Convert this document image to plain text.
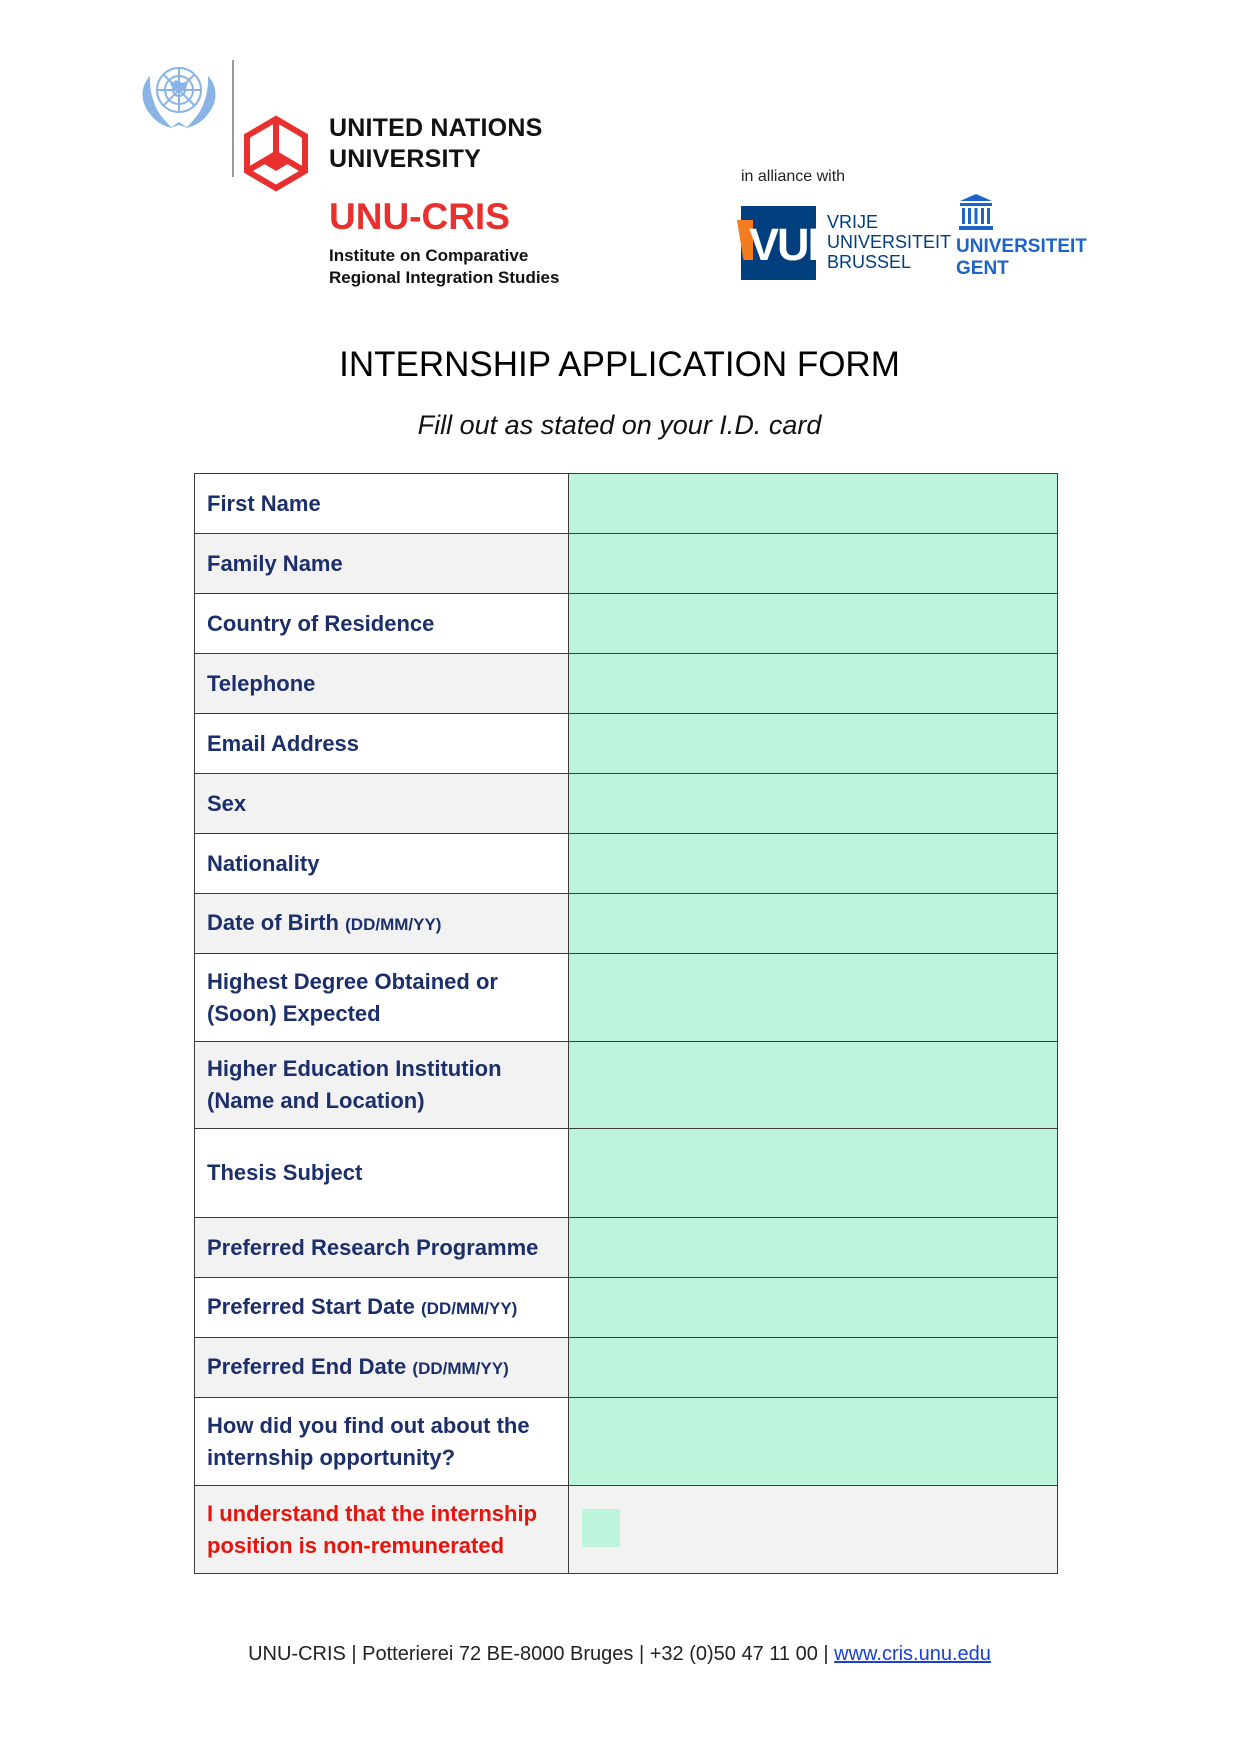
UNITED NATIONS
UNIVERSITY
UNU-CRIS
Institute on Comparative
Regional Integration Studies
in alliance with
VUB
VRIJE
UNIVERSITEIT
BRUSSEL
UNIVERSITEIT
GENT
INTERNSHIP APPLICATION FORM
Fill out as stated on your I.D. card
First Name
Family Name
Country of Residence
Telephone
Email Address
Sex
Nationality
Date of Birth (DD/MM/YY)
Highest Degree Obtained or
(Soon) Expected
Higher Education Institution
(Name and Location)
Thesis Subject
Preferred Research Programme
Preferred Start Date (DD/MM/YY)
Preferred End Date (DD/MM/YY)
How did you find out about the
internship opportunity?
I understand that the internship
position is non-remunerated
UNU-CRIS | Potterierei 72 BE-8000 Bruges | +32 (0)50 47 11 00 | www.cris.unu.edu
